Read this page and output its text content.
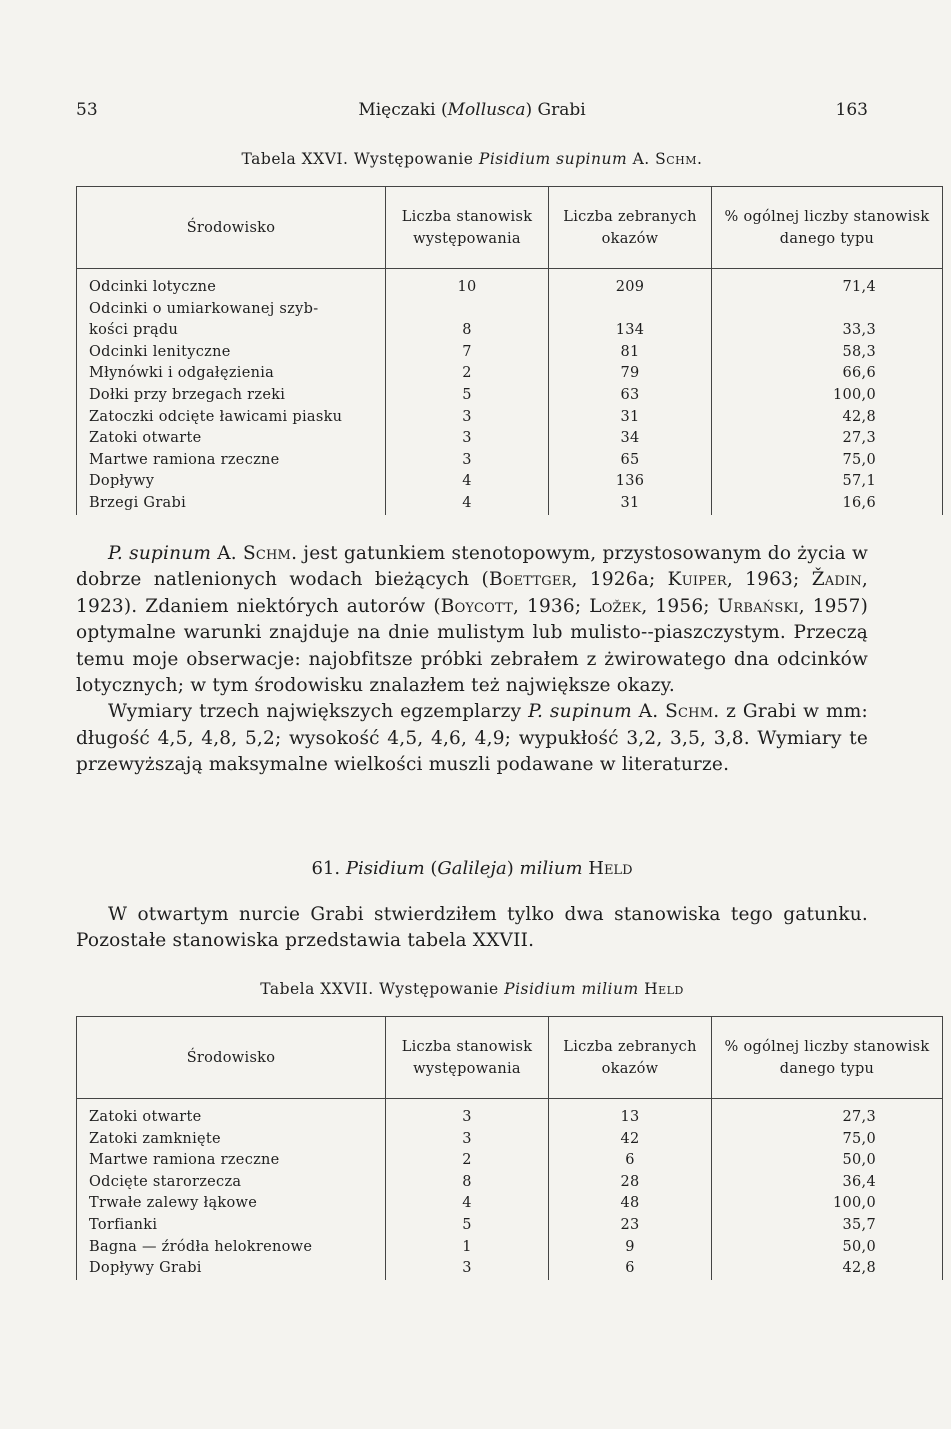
53	Mięczaki (Mollusca) Grabi	163
Tabela XXVI. Występowanie Pisidium supinum A. Schm.
Środowisko	Liczba stanowisk występowania	Liczba zebranych okazów	% ogólnej liczby stanowisk danego typu
Odcinki lotyczne	10	209	71,4
Odcinki o umiarkowanej szyb-			
kości prądu	8	134	33,3
Odcinki lenityczne	7	81	58,3
Młynówki i odgałęzienia	2	79	66,6
Dołki przy brzegach rzeki	5	63	100,0
Zatoczki odcięte ławicami piasku	3	31	42,8
Zatoki otwarte	3	34	27,3
Martwe ramiona rzeczne	3	65	75,0
Dopływy	4	136	57,1
Brzegi Grabi	4	31	16,6

P. supinum A. Schm. jest gatunkiem stenotopowym, przystosowanym do życia w dobrze natlenionych wodach bieżących (Boettger, 1926a; Kuiper, 1963; Žadin, 1923). Zdaniem niektórych autorów (Boycott, 1936; Ložek, 1956; Urbański, 1957) optymalne warunki znajduje na dnie mulistym lub mulisto--piaszczystym. Przeczą temu moje obserwacje: najobfitsze próbki zebrałem z żwirowatego dna odcinków lotycznych; w tym środowisku znalazłem też największe okazy.

Wymiary trzech największych egzemplarzy P. supinum A. Schm. z Grabi w mm: długość 4,5, 4,8, 5,2; wysokość 4,5, 4,6, 4,9; wypukłość 3,2, 3,5, 3,8. Wymiary te przewyższają maksymalne wielkości muszli podawane w literaturze.

61. Pisidium (Galileja) milium Held

W otwartym nurcie Grabi stwierdziłem tylko dwa stanowiska tego gatunku. Pozostałe stanowiska przedstawia tabela XXVII.

Tabela XXVII. Występowanie Pisidium milium Held
Środowisko	Liczba stanowisk występowania	Liczba zebranych okazów	% ogólnej liczby stanowisk danego typu
Zatoki otwarte	3	13	27,3
Zatoki zamknięte	3	42	75,0
Martwe ramiona rzeczne	2	6	50,0
Odcięte starorzecza	8	28	36,4
Trwałe zalewy łąkowe	4	48	100,0
Torfianki	5	23	35,7
Bagna — źródła helokrenowe	1	9	50,0
Dopływy Grabi	3	6	42,8
